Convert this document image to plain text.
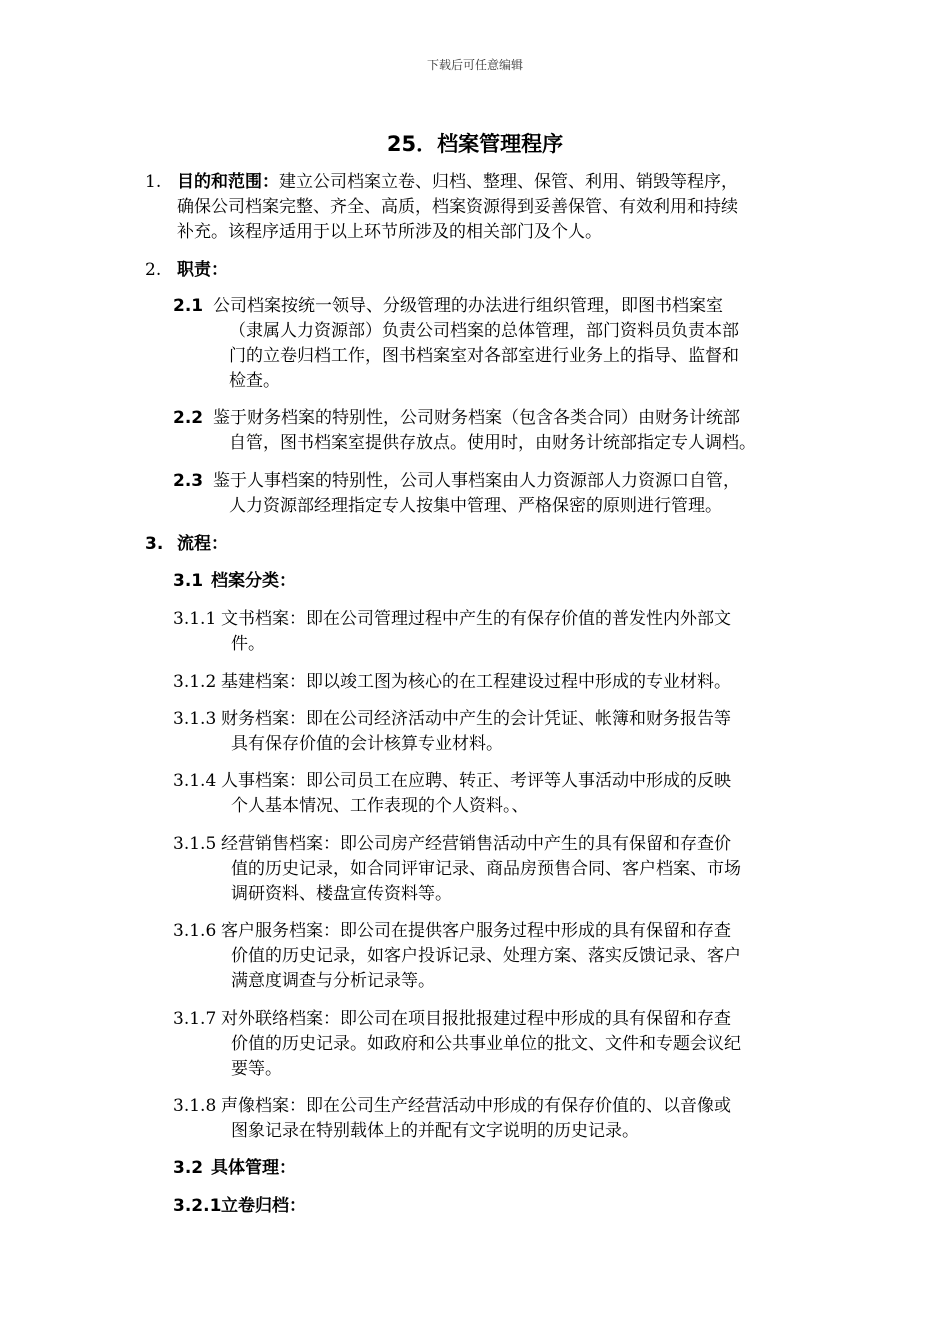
下载后可任意编辑
25．档案管理程序
1. 目的和范围：建立公司档案立卷、归档、整理、保管、利用、销毁等程序，
确保公司档案完整、齐全、高质，档案资源得到妥善保管、有效利用和持续
补充。该程序适用于以上环节所涉及的相关部门及个人。
2. 职责：
2.1 公司档案按统一领导、分级管理的办法进行组织管理，即图书档案室
（隶属人力资源部）负责公司档案的总体管理，部门资料员负责本部
门的立卷归档工作，图书档案室对各部室进行业务上的指导、监督和
检查。
2.2 鉴于财务档案的特别性，公司财务档案（包含各类合同）由财务计统部
自管，图书档案室提供存放点。使用时，由财务计统部指定专人调档。
2.3 鉴于人事档案的特别性，公司人事档案由人力资源部人力资源口自管，
人力资源部经理指定专人按集中管理、严格保密的原则进行管理。
3. 流程：
3.1 档案分类：
3.1.1 文书档案：即在公司管理过程中产生的有保存价值的普发性内外部文
件。
3.1.2 基建档案：即以竣工图为核心的在工程建设过程中形成的专业材料。
3.1.3 财务档案：即在公司经济活动中产生的会计凭证、帐簿和财务报告等
具有保存价值的会计核算专业材料。
3.1.4 人事档案：即公司员工在应聘、转正、考评等人事活动中形成的反映
个人基本情况、工作表现的个人资料。、
3.1.5 经营销售档案：即公司房产经营销售活动中产生的具有保留和存查价
值的历史记录，如合同评审记录、商品房预售合同、客户档案、市场
调研资料、楼盘宣传资料等。
3.1.6 客户服务档案：即公司在提供客户服务过程中形成的具有保留和存查
价值的历史记录，如客户投诉记录、处理方案、落实反馈记录、客户
满意度调查与分析记录等。
3.1.7 对外联络档案：即公司在项目报批报建过程中形成的具有保留和存查
价值的历史记录。如政府和公共事业单位的批文、文件和专题会议纪
要等。
3.1.8 声像档案：即在公司生产经营活动中形成的有保存价值的、以音像或
图象记录在特别载体上的并配有文字说明的历史记录。
3.2 具体管理：
3.2.1 立卷归档：
